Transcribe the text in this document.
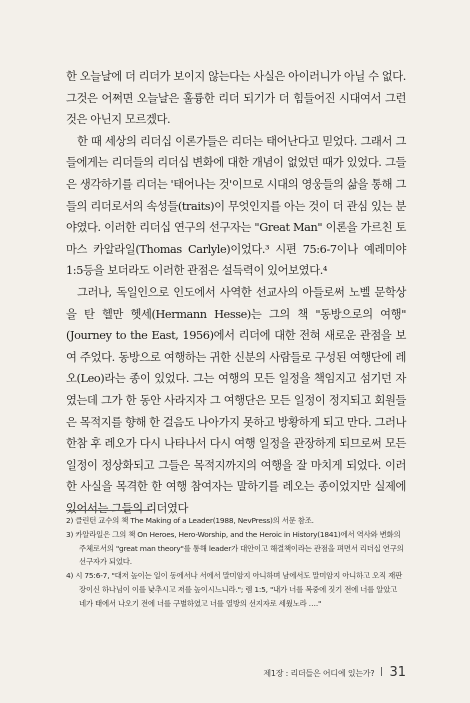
한 오늘날에 더 리더가 보이지 않는다는 사실은 아이러니가 아닐 수 없다. 그것은 어쩌면 오늘날은 훌륭한 리더 되기가 더 힘들어진 시대여서 그런 것은 아닌지 모르겠다.

한 때 세상의 리더십 이론가들은 리더는 태어난다고 믿었다. 그래서 그들에게는 리더들의 리더십 변화에 대한 개념이 없었던 때가 있었다. 그들은 생각하기를 리더는 '태어나는 것'이므로 시대의 영웅들의 삶을 통해 그들의 리더로서의 속성들(traits)이 무엇인지를 아는 것이 더 관심 있는 분야였다. 이러한 리더십 연구의 선구자는 "Great Man" 이론을 가르친 토마스 카알라일(Thomas Carlyle)이었다.³ 시편 75:6-7이나 예레미야 1:5등을 보더라도 이러한 관점은 설득력이 있어보였다.⁴

그러나, 독일인으로 인도에서 사역한 선교사의 아들로써 노벨 문학상을 탄 헬만 헷세(Hermann Hesse)는 그의 책 "동방으로의 여행"(Journey to the East, 1956)에서 리더에 대한 전혀 새로운 관점을 보여 주었다. 동방으로 여행하는 귀한 신분의 사람들로 구성된 여행단에 레오(Leo)라는 종이 있었다. 그는 여행의 모든 일정을 책임지고 섬기던 자였는데 그가 한 동안 사라지자 그 여행단은 모든 일정이 정지되고 회원들은 목적지를 향해 한 걸음도 나아가지 못하고 방황하게 되고 만다. 그러나 한참 후 레오가 다시 나타나서 다시 여행 일정을 관장하게 되므로써 모든 일정이 정상화되고 그들은 목적지까지의 여행을 잘 마치게 되었다. 이러한 사실을 목격한 한 여행 참여자는 말하기를 레오는 종이었지만 실제에 있어서는 그들의 리더였다

2) 클린턴 교수의 책 The Making of a Leader(1988, NevPress)의 서문 참조.

3) 카알라일은 그의 책 On Heroes, Hero-Worship, and the Heroic in History(1841)에서 역사와 변화의 주체로서의 "great man theory"를 통해 leader가 대안이고 해결책이라는 관점을 펴면서 리더십 연구의 선구자가 되었다.

4) 시 75:6-7, "대저 높이는 일이 동에서나 서에서 말미암지 아니하며 남에서도 말미암지 아니하고 오직 재판장이신 하나님이 이를 낮추시고 저를 높이시느니라."; 렘 1:5, "내가 너를 복중에 짓기 전에 너를 알았고 네가 태에서 나오기 전에 너를 구별하였고 너를 열방의 선지자로 세웠노라 …."

제1장 : 리더들은 어디에 있는가? 31
